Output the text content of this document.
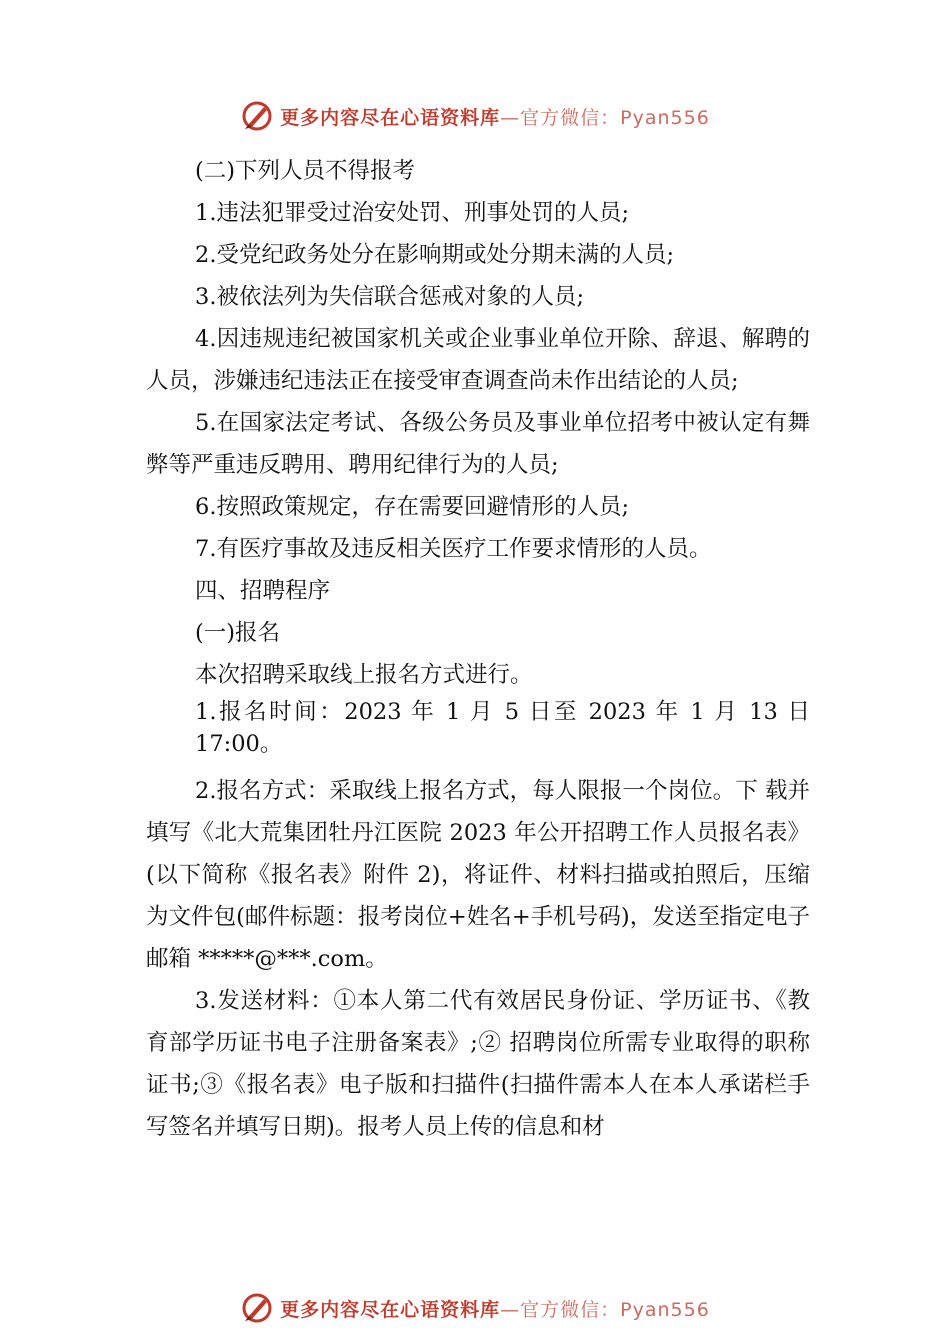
更多内容尽在心语资料库—官方微信：Pyan556

(二)下列人员不得报考

1.违法犯罪受过治安处罚、刑事处罚的人员;

2.受党纪政务处分在影响期或处分期未满的人员;

3.被依法列为失信联合惩戒对象的人员;

4.因违规违纪被国家机关或企业事业单位开除、辞退、解聘的人员，涉嫌违纪违法正在接受审查调查尚未作出结论的人员;

5.在国家法定考试、各级公务员及事业单位招考中被认定有舞弊等严重违反聘用、聘用纪律行为的人员;

6.按照政策规定，存在需要回避情形的人员;

7.有医疗事故及违反相关医疗工作要求情形的人员。

四、招聘程序

(一)报名

本次招聘采取线上报名方式进行。

1.报名时间：2023 年 1 月 5 日至 2023 年 1 月 13 日 17:00。

2.报名方式：采取线上报名方式，每人限报一个岗位。下 载并填写《北大荒集团牡丹江医院 2023 年公开招聘工作人员报名表》(以下简称《报名表》附件 2)，将证件、材料扫描或拍照后，压缩为文件包(邮件标题：报考岗位+姓名+手机号码)，发送至指定电子邮箱 *****@***.com。

3.发送材料：①本人第二代有效居民身份证、学历证书、《教育部学历证书电子注册备案表》;② 招聘岗位所需专业取得的职称证书;③《报名表》电子版和扫描件(扫描件需本人在本人承诺栏手写签名并填写日期)。报考人员上传的信息和材

更多内容尽在心语资料库—官方微信：Pyan556
